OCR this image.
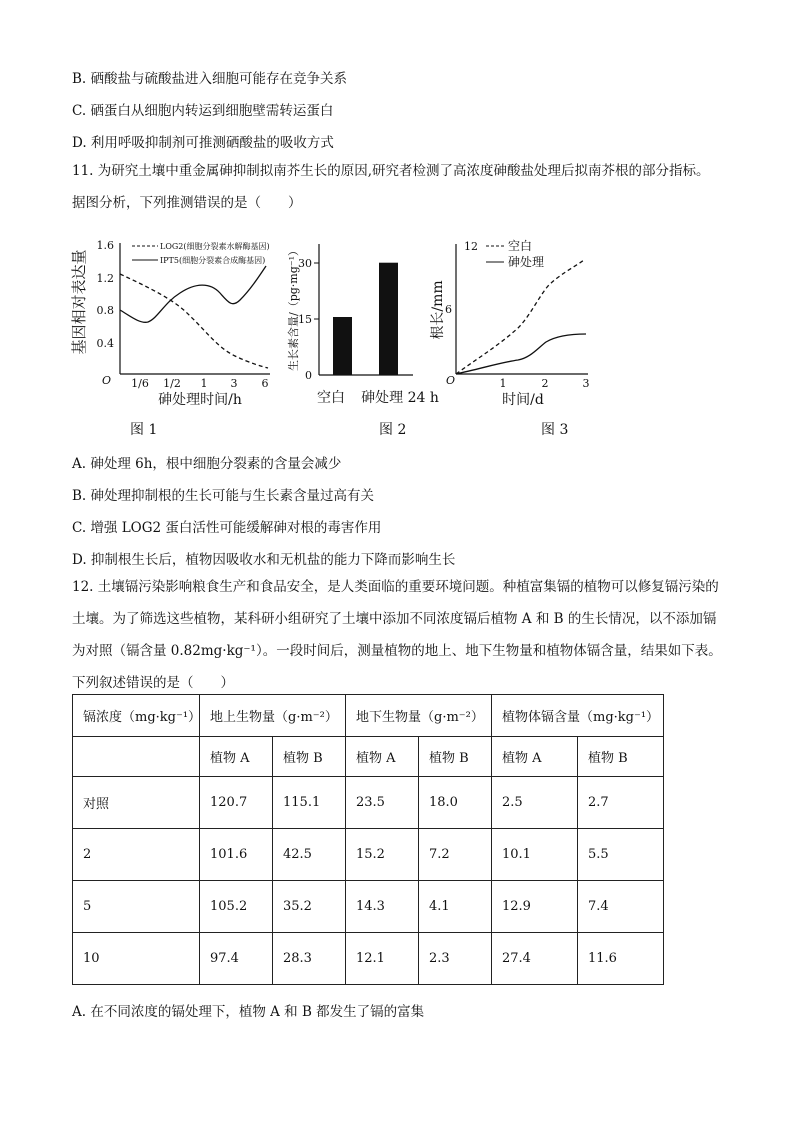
B. 硒酸盐与硫酸盐进入细胞可能存在竞争关系
C. 硒蛋白从细胞内转运到细胞壁需转运蛋白
D. 利用呼吸抑制剂可推测硒酸盐的吸收方式
11. 为研究土壤中重金属砷抑制拟南芥生长的原因,研究者检测了高浓度砷酸盐处理后拟南芥根的部分指标。据图分析，下列推测错误的是（　　）
基因相对表达量
1.6
1.2
0.8
0.4
O 1/6 1/2 1 3 6
砷处理时间/h
LOG2(细胞分裂素水解酶基因)
IPT5(细胞分裂素合成酶基因)
图 1
生长素含量/（pg·mg⁻¹）
30
15
0
空白 砷处理 24 h
图 2
根长/mm
12
6
O	1	2	3
时间/d
空白
砷处理
图 3
A. 砷处理 6h，根中细胞分裂素的含量会减少
B. 砷处理抑制根的生长可能与生长素含量过高有关
C. 增强 LOG2 蛋白活性可能缓解砷对根的毒害作用
D. 抑制根生长后，植物因吸收水和无机盐的能力下降而影响生长
12. 土壤镉污染影响粮食生产和食品安全，是人类面临的重要环境问题。种植富集镉的植物可以修复镉污染的土壤。为了筛选这些植物，某科研小组研究了土壤中添加不同浓度镉后植物 A 和 B 的生长情况，以不添加镉为对照（镉含量 0.82mg·kg⁻¹）。一段时间后，测量植物的地上、地下生物量和植物体镉含量，结果如下表。下列叙述错误的是（　　）
镉浓度（mg·kg⁻¹）	地上生物量（g·m⁻²）		地下生物量（g·m⁻²）		植物体镉含量（mg·kg⁻¹）	
	植物 A	植物 B	植物 A	植物 B	植物 A	植物 B
对照	120.7	115.1	23.5	18.0	2.5	2.7
2	101.6	42.5	15.2	7.2	10.1	5.5
5	105.2	35.2	14.3	4.1	12.9	7.4
10	97.4	28.3	12.1	2.3	27.4	11.6
A. 在不同浓度的镉处理下，植物 A 和 B 都发生了镉的富集
